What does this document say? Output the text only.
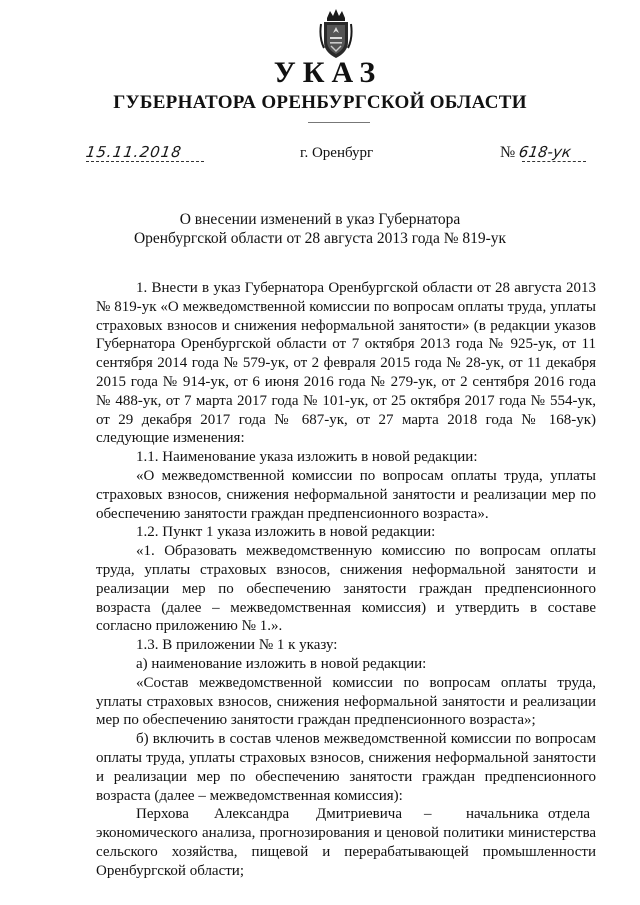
УКАЗ
ГУБЕРНАТОРА ОРЕНБУРГСКОЙ ОБЛАСТИ
15.11.2018	г. Оренбург	№ 618-ук
О внесении изменений в указ Губернатора
Оренбургской области от 28 августа 2013 года № 819-ук

1. Внести в указ Губернатора Оренбургской области от 28 августа 2013 № 819-ук «О межведомственной комиссии по вопросам оплаты труда, уплаты страховых взносов и снижения неформальной занятости» (в редакции указов Губернатора Оренбургской области от 7 октября 2013 года № 925-ук, от 11 сентября 2014 года № 579-ук, от 2 февраля 2015 года № 28-ук, от 11 декабря 2015 года № 914-ук, от 6 июня 2016 года № 279-ук, от 2 сентября 2016 года № 488-ук, от 7 марта 2017 года № 101-ук, от 25 октября 2017 года № 554-ук, от 29 декабря 2017 года № 687-ук, от 27 марта 2018 года № 168-ук) следующие изменения:

1.1. Наименование указа изложить в новой редакции:

«О межведомственной комиссии по вопросам оплаты труда, уплаты страховых взносов, снижения неформальной занятости и реализации мер по обеспечению занятости граждан предпенсионного возраста».

1.2. Пункт 1 указа изложить в новой редакции:

«1. Образовать межведомственную комиссию по вопросам оплаты труда, уплаты страховых взносов, снижения неформальной занятости и реализации мер по обеспечению занятости граждан предпенсионного возраста (далее – межведомственная комиссия) и утвердить в составе согласно приложению № 1.».

1.3. В приложении № 1 к указу:

а) наименование изложить в новой редакции:

«Состав межведомственной комиссии по вопросам оплаты труда, уплаты страховых взносов, снижения неформальной занятости и реализации мер по обеспечению занятости граждан предпенсионного возраста»;

б) включить в состав членов межведомственной комиссии по вопросам оплаты труда, уплаты страховых взносов, снижения неформальной занятости и реализации мер по обеспечению занятости граждан предпенсионного возраста (далее – межведомственная комиссия):

Перхова Александра Дмитриевича – начальника отдела

экономического анализа, прогнозирования и ценовой политики министерства сельского хозяйства, пищевой и перерабатывающей промышленности Оренбургской области;
